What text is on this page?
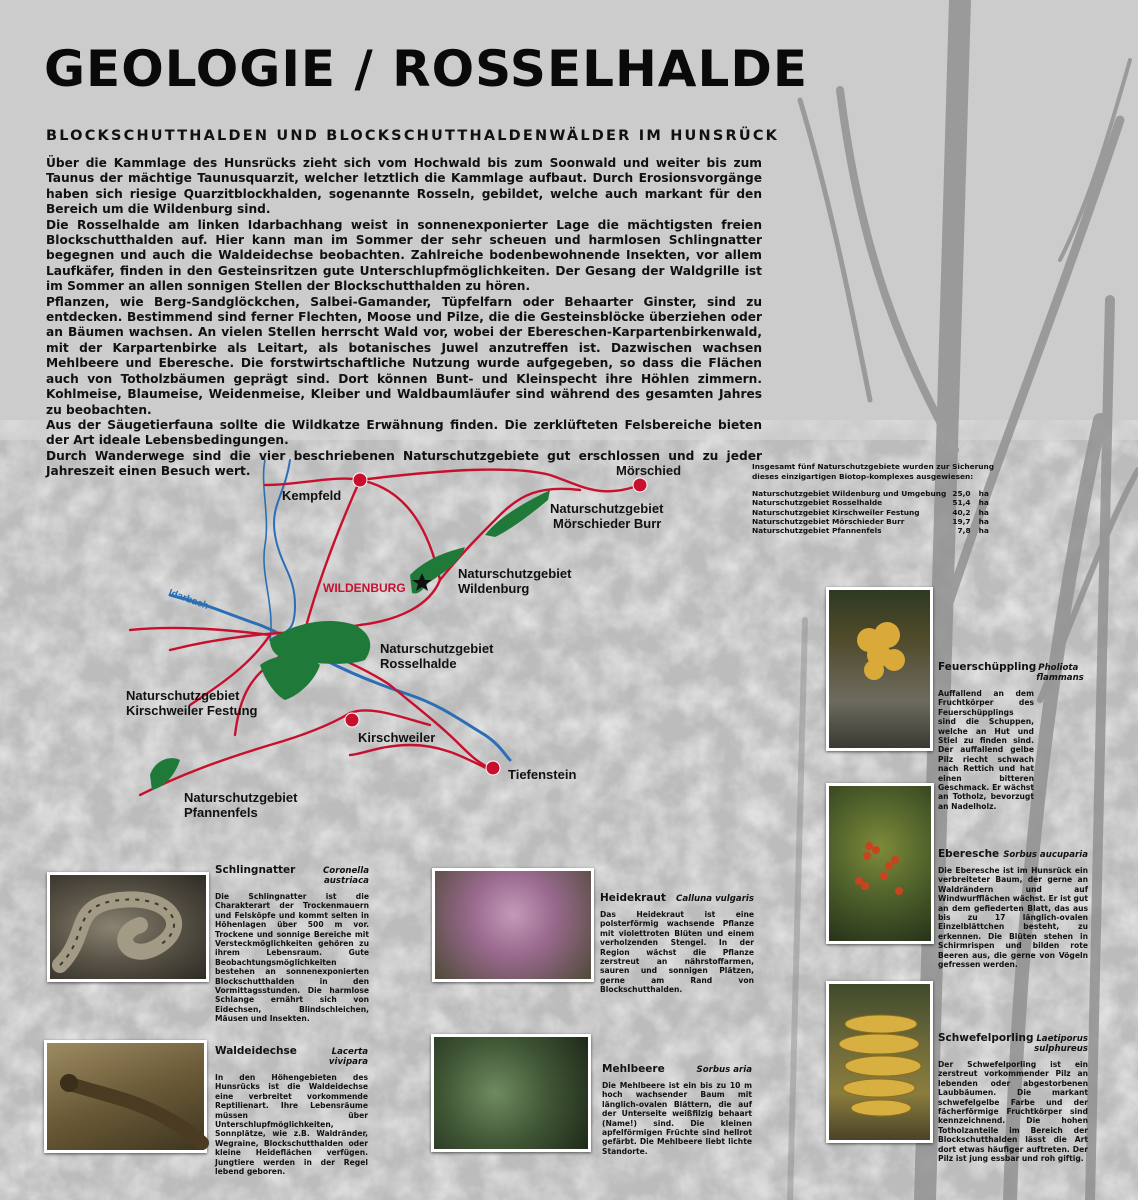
GEOLOGIE / ROSSELHALDE
BLOCKSCHUTTHALDEN UND BLOCKSCHUTTHALDENWÄLDER IM HUNSRÜCK

Über die Kammlage des Hunsrücks zieht sich vom Hochwald bis zum Soonwald und weiter bis zum Taunus der mächtige Taunusquarzit, welcher letztlich die Kammlage aufbaut. Durch Erosionsvorgänge haben sich riesige Quarzitblockhalden, sogenannte Rosseln, gebildet, welche auch markant für den Bereich um die Wildenburg sind.

Die Rosselhalde am linken Idarbachhang weist in sonnenexponierter Lage die mächtigsten freien Blockschutthalden auf. Hier kann man im Sommer der sehr scheuen und harmlosen Schlingnatter begegnen und auch die Waldeidechse beobachten. Zahlreiche bodenbewohnende Insekten, vor allem Laufkäfer, finden in den Gesteinsritzen gute Unterschlupfmöglichkeiten. Der Gesang der Waldgrille ist im Sommer an allen sonnigen Stellen der Blockschutthalden zu hören.

Pflanzen, wie Berg-Sandglöckchen, Salbei-Gamander, Tüpfelfarn oder Behaarter Ginster, sind zu entdecken. Bestimmend sind ferner Flechten, Moose und Pilze, die die Gesteinsblöcke überziehen oder an Bäumen wachsen. An vielen Stellen herrscht Wald vor, wobei der Ebereschen-Karpartenbirkenwald, mit der Karpartenbirke als Leitart, als botanisches Juwel anzutreffen ist. Dazwischen wachsen Mehlbeere und Eberesche. Die forstwirtschaftliche Nutzung wurde aufgegeben, so dass die Flächen auch von Totholzbäumen geprägt sind. Dort können Bunt- und Kleinspecht ihre Höhlen zimmern. Kohlmeise, Blaumeise, Weidenmeise, Kleiber und Waldbaumläufer sind während des gesamten Jahres zu beobachten.

Aus der Säugetierfauna sollte die Wildkatze Erwähnung finden. Die zerklüfteten Felsbereiche bieten der Art ideale Lebensbedingungen.

Durch Wanderwege sind die vier beschriebenen Naturschutzgebiete gut erschlossen und zu jeder Jahreszeit einen Besuch wert.

Kempfeld
Mörschied
Idarbach	WILDENBURG
Kirschweiler
Tiefenstein
Naturschutzgebiet
Mörschieder Burr
Naturschutzgebiet
Wildenburg
Naturschutzgebiet
Rosselhalde
Naturschutzgebiet
Kirschweiler Festung
Naturschutzgebiet
Pfannenfels
Insgesamt fünf Naturschutzgebiete wurden zur Sicherung dieses einzigartigen Biotop-komplexes ausgewiesen:
Naturschutzgebiet Wildenburg und Umgebung	25,0	ha
Naturschutzgebiet Rosselhalde	51,4	ha
Naturschutzgebiet Kirschweiler Festung	40,2	ha
Naturschutzgebiet Mörschieder Burr	19,7	ha
Naturschutzgebiet Pfannenfels	7,8	ha
Schlingnatter	Coronella austriaca

Die Schlingnatter ist die Charakterart der Trockenmauern und Felsköpfe und kommt selten in Höhenlagen über 500 m vor. Trockene und sonnige Bereiche mit Versteckmöglichkeiten gehören zu ihrem Lebensraum. Gute Beobachtungsmöglichkeiten bestehen an sonnenexponierten Blockschutthalden in den Vormittagsstunden. Die harmlose Schlange ernährt sich von Eidechsen, Blindschleichen, Mäusen und Insekten.

Waldeidechse	Lacerta vivipara

In den Höhengebieten des Hunsrücks ist die Waldeidechse eine verbreitet vorkommende Reptilienart. Ihre Lebensräume müssen über Unterschlupfmöglichkeiten, Sonnplätze, wie z.B. Waldränder, Wegraine, Blockschutthalden oder kleine Heideflächen verfügen. Jungtiere werden in der Regel lebend geboren.

Heidekraut Calluna vulgaris

Das Heidekraut ist eine polsterförmig wachsende Pflanze mit violettroten Blüten und einem verholzenden Stengel. In der Region wächst die Pflanze zerstreut an nährstoffarmen, sauren und sonnigen Plätzen, gerne am Rand von Blockschutthalden.

Mehlbeere	Sorbus aria

Die Mehlbeere ist ein bis zu 10 m hoch wachsender Baum mit länglich-ovalen Blättern, die auf der Unterseite weißfilzig behaart (Name!) sind. Die kleinen apfelförmigen Früchte sind hellrot gefärbt. Die Mehlbeere liebt lichte Standorte.

Feuerschüppling Pholiota flammans

Auffallend an dem Fruchtkörper des Feuerschüpplings sind die Schuppen, welche an Hut und Stiel zu finden sind. Der auffallend gelbe Pilz riecht schwach nach Rettich und hat einen bitteren Geschmack. Er wächst an Totholz, bevorzugt an Nadelholz.

Eberesche Sorbus aucuparia

Die Eberesche ist im Hunsrück ein verbreiteter Baum, der gerne an Waldrändern und auf Windwurfflächen wächst. Er ist gut an dem gefiederten Blatt, das aus bis zu 17 länglich-ovalen Einzelblättchen besteht, zu erkennen. Die Blüten stehen in Schirmrispen und bilden rote Beeren aus, die gerne von Vögeln gefressen werden.

Schwefelporling Laetiporus sulphureus

Der Schwefelporling ist ein zerstreut vorkommender Pilz an lebenden oder abgestorbenen Laubbäumen. Die markant schwefelgelbe Farbe und der fächerförmige Fruchtkörper sind kennzeichnend. Die hohen Totholzanteile im Bereich der Blockschutthalden lässt die Art dort etwas häufiger auftreten. Der Pilz ist jung essbar und roh giftig.
